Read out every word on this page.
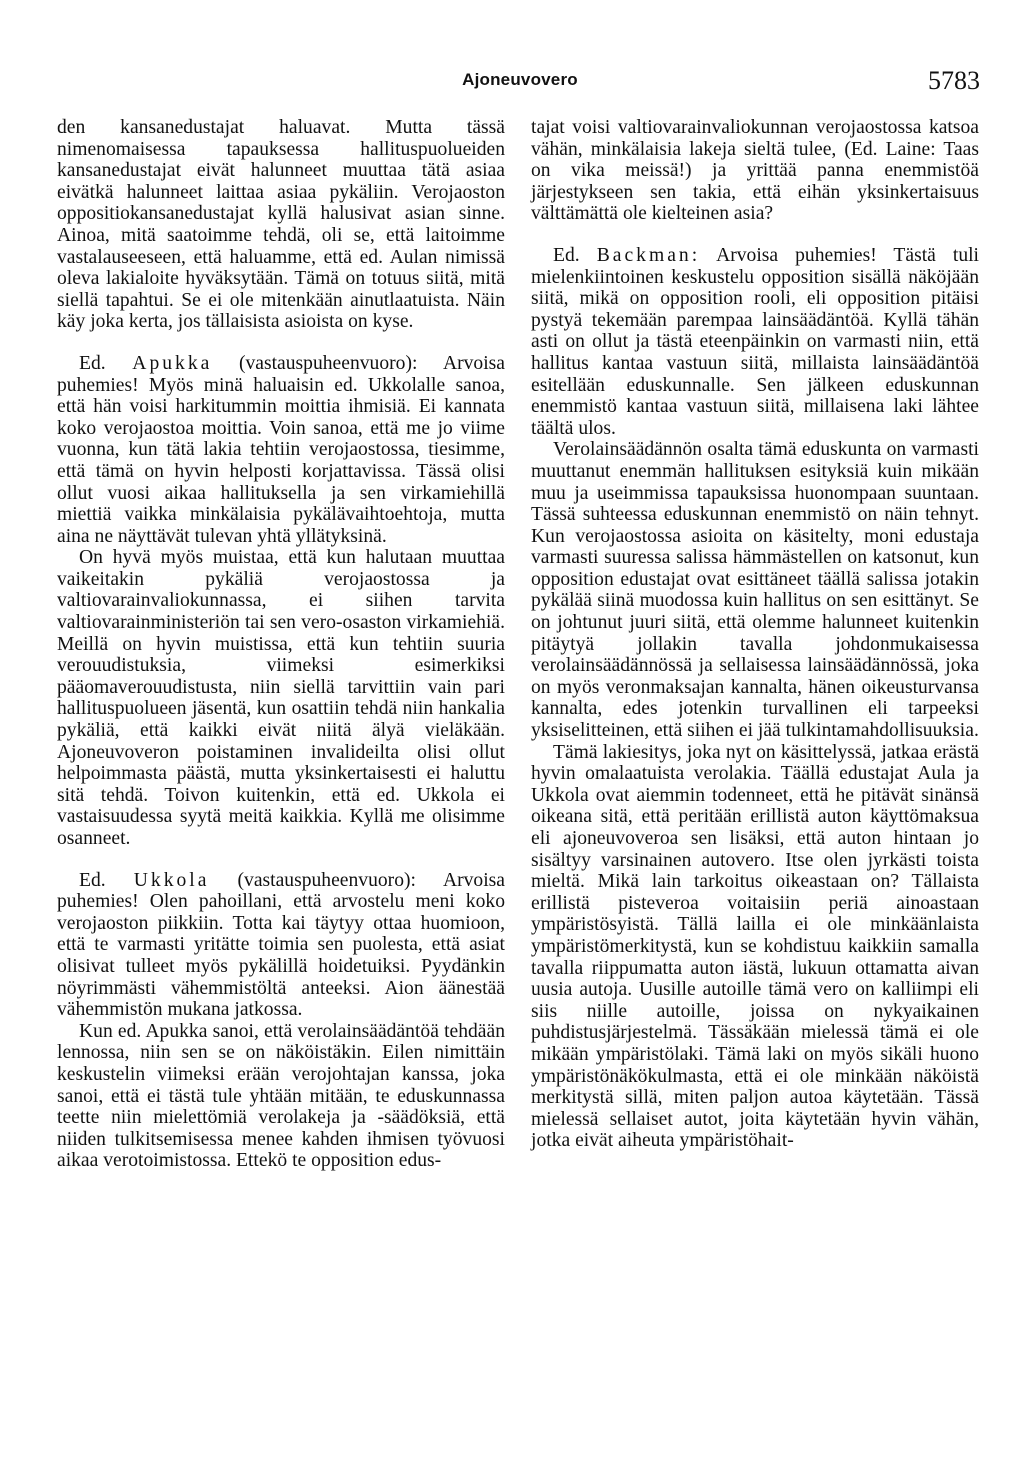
Ajoneuvovero	5783

den kansanedustajat haluavat. Mutta tässä nimenomaisessa tapauksessa hallituspuolueiden kansanedustajat eivät halunneet muuttaa tätä asiaa eivätkä halunneet laittaa asiaa pykäliin. Verojaoston oppositiokansanedustajat kyllä halusivat asian sinne. Ainoa, mitä saatoimme tehdä, oli se, että laitoimme vastalauseeseen, että haluamme, että ed. Aulan nimissä oleva lakialoite hyväksytään. Tämä on totuus siitä, mitä siellä tapahtui. Se ei ole mitenkään ainutlaatuista. Näin käy joka kerta, jos tällaisista asioista on kyse.

Ed. Apukka (vastauspuheenvuoro): Arvoisa puhemies! Myös minä haluaisin ed. Ukkolalle sanoa, että hän voisi harkitummin moittia ihmisiä. Ei kannata koko verojaostoa moittia. Voin sanoa, että me jo viime vuonna, kun tätä lakia tehtiin verojaostossa, tiesimme, että tämä on hyvin helposti korjattavissa. Tässä olisi ollut vuosi aikaa hallituksella ja sen virkamiehillä miettiä vaikka minkälaisia pykälävaihtoehtoja, mutta aina ne näyttävät tulevan yhtä yllätyksinä.

On hyvä myös muistaa, että kun halutaan muuttaa vaikeitakin pykäliä verojaostossa ja valtiovarainvaliokunnassa, ei siihen tarvita valtiovarainministeriön tai sen vero-osaston virkamiehiä. Meillä on hyvin muistissa, että kun tehtiin suuria verouudistuksia, viimeksi esimerkiksi pääomaverouudistusta, niin siellä tarvittiin vain pari hallituspuolueen jäsentä, kun osattiin tehdä niin hankalia pykäliä, että kaikki eivät niitä älyä vieläkään. Ajoneuvoveron poistaminen invalideilta olisi ollut helpoimmasta päästä, mutta yksinkertaisesti ei haluttu sitä tehdä. Toivon kuitenkin, että ed. Ukkola ei vastaisuudessa syytä meitä kaikkia. Kyllä me olisimme osanneet.

Ed. Ukkola (vastauspuheenvuoro): Arvoisa puhemies! Olen pahoillani, että arvostelu meni koko verojaoston piikkiin. Totta kai täytyy ottaa huomioon, että te varmasti yritätte toimia sen puolesta, että asiat olisivat tulleet myös pykälillä hoidetuiksi. Pyydänkin nöyrimmästi vähemmistöltä anteeksi. Aion äänestää vähemmistön mukana jatkossa.

Kun ed. Apukka sanoi, että verolainsäädäntöä tehdään lennossa, niin sen se on näköistäkin. Eilen nimittäin keskustelin viimeksi erään verojohtajan kanssa, joka sanoi, että ei tästä tule yhtään mitään, te eduskunnassa teette niin mielettömiä verolakeja ja -säädöksiä, että niiden tulkitsemisessa menee kahden ihmisen työvuosi aikaa verotoimistossa. Ettekö te opposition edus-

tajat voisi valtiovarainvaliokunnan verojaostossa katsoa vähän, minkälaisia lakeja sieltä tulee, (Ed. Laine: Taas on vika meissä!) ja yrittää panna enemmistöä järjestykseen sen takia, että eihän yksinkertaisuus välttämättä ole kielteinen asia?

Ed. Backman: Arvoisa puhemies! Tästä tuli mielenkiintoinen keskustelu opposition sisällä näköjään siitä, mikä on opposition rooli, eli opposition pitäisi pystyä tekemään parempaa lainsäädäntöä. Kyllä tähän asti on ollut ja tästä eteenpäinkin on varmasti niin, että hallitus kantaa vastuun siitä, millaista lainsäädäntöä esitellään eduskunnalle. Sen jälkeen eduskunnan enemmistö kantaa vastuun siitä, millaisena laki lähtee täältä ulos.

Verolainsäädännön osalta tämä eduskunta on varmasti muuttanut enemmän hallituksen esityksiä kuin mikään muu ja useimmissa tapauksissa huonompaan suuntaan. Tässä suhteessa eduskunnan enemmistö on näin tehnyt. Kun verojaostossa asioita on käsitelty, moni edustaja varmasti suuressa salissa hämmästellen on katsonut, kun opposition edustajat ovat esittäneet täällä salissa jotakin pykälää siinä muodossa kuin hallitus on sen esittänyt. Se on johtunut juuri siitä, että olemme halunneet kuitenkin pitäytyä jollakin tavalla johdonmukaisessa verolainsäädännössä ja sellaisessa lainsäädännössä, joka on myös veronmaksajan kannalta, hänen oikeusturvansa kannalta, edes jotenkin turvallinen eli tarpeeksi yksiselitteinen, että siihen ei jää tulkintamahdollisuuksia.

Tämä lakiesitys, joka nyt on käsittelyssä, jatkaa erästä hyvin omalaatuista verolakia. Täällä edustajat Aula ja Ukkola ovat aiemmin todenneet, että he pitävät sinänsä oikeana sitä, että peritään erillistä auton käyttömaksua eli ajoneuvoveroa sen lisäksi, että auton hintaan jo sisältyy varsinainen autovero. Itse olen jyrkästi toista mieltä. Mikä lain tarkoitus oikeastaan on? Tällaista erillistä pisteveroa voitaisiin periä ainoastaan ympäristösyistä. Tällä lailla ei ole minkäänlaista ympäristömerkitystä, kun se kohdistuu kaikkiin samalla tavalla riippumatta auton iästä, lukuun ottamatta aivan uusia autoja. Uusille autoille tämä vero on kalliimpi eli siis niille autoille, joissa on nykyaikainen puhdistusjärjestelmä. Tässäkään mielessä tämä ei ole mikään ympäristölaki. Tämä laki on myös sikäli huono ympäristönäkökulmasta, että ei ole minkään näköistä merkitystä sillä, miten paljon autoa käytetään. Tässä mielessä sellaiset autot, joita käytetään hyvin vähän, jotka eivät aiheuta ympäristöhait-
